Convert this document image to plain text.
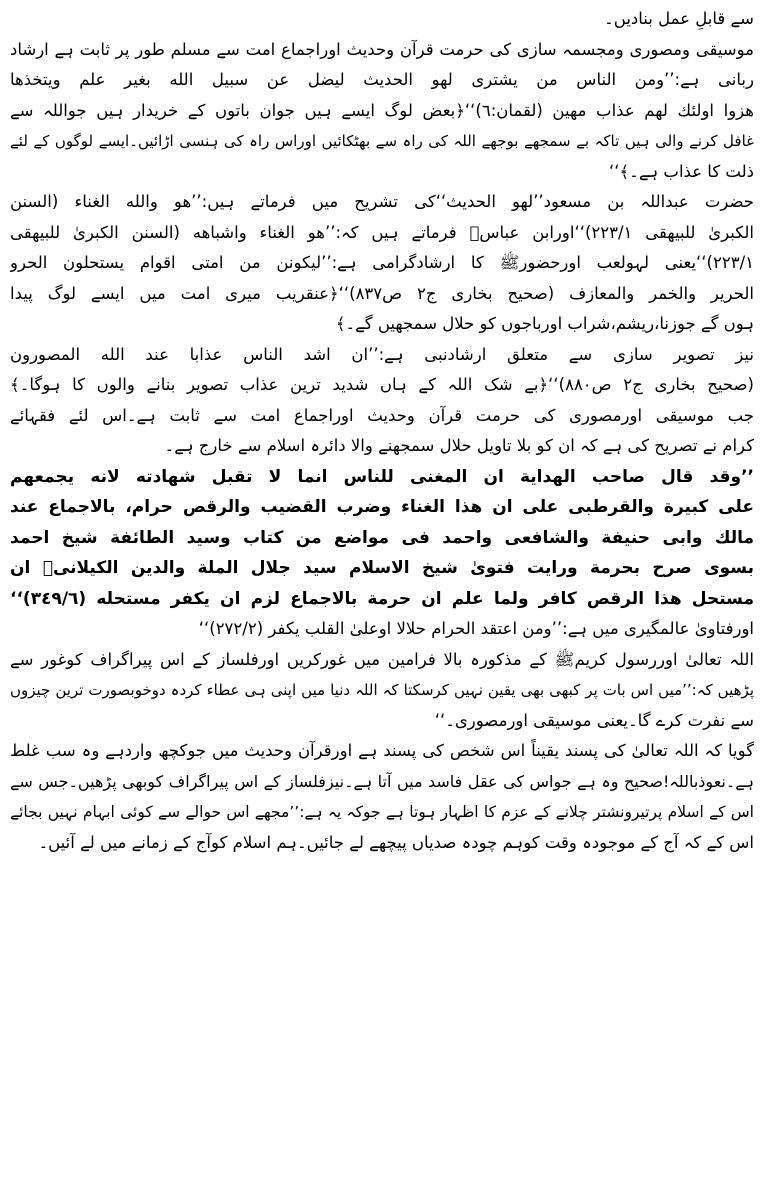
سے قابلِ عمل بنادیں۔
موسیقی ومصوری ومجسمہ سازی کی حرمت قرآن وحدیث اوراجماع امت سے مسلم طور پر ثابت ہے ارشاد
ربانی ہے:’’ومن الناس من يشترى لهو الحديث ليضل عن سبيل الله بغير علم ويتخذها
هزوا اولئك لهم عذاب مهين (لقمان:٦)‘‘﴿بعض لوگ ایسے ہیں جوان باتوں کے خریدار ہیں جواللہ سے
غافل کرنے والی ہیں تاکہ بے سمجھے بوجھے اللہ کی راہ سے بھٹکائیں اوراس راہ کی ہنسی اڑائیں۔ایسے لوگوں کے لئے
ذلت کا عذاب ہے۔﴾‘‘
حضرت عبداللہ بن مسعود’’لهو الحديث‘‘کی تشریح میں فرماتے ہیں:’’هو والله الغناء (السنن
الكبرىٰ للبيهقى ٢٢٣/١)‘‘اورابن عباسؓ فرماتے ہیں کہ:’’هو الغناء واشباهه (السنن الكبرىٰ للبيهقى
٢٢٣/١)‘‘یعنی لہولعب اورحضورﷺ کا ارشادگرامی ہے:’’ليكونن من امتى اقوام يستحلون الحرو
الحرير والخمر والمعازف (صحيح بخارى ج٢ ص٨٣٧)‘‘﴿عنقریب میری امت میں ایسے لوگ پیدا
ہوں گے جوزنا،ریشم،شراب اورباجوں کو حلال سمجھیں گے۔﴾
نیز تصویر سازی سے متعلق ارشادنبی ہے:’’ان اشد الناس عذابا عند الله المصورون
(صحيح بخارى ج٢ ص٨٨٠)‘‘﴿بے شک اللہ کے ہاں شدید ترین عذاب تصویر بنانے والوں کا ہوگا۔﴾
جب موسیقی اورمصوری کی حرمت قرآن وحدیث اوراجماع امت سے ثابت ہے۔اس لئے فقہائے
کرام نے تصریح کی ہے کہ ان کو بلا تاویل حلال سمجھنے والا دائرہ اسلام سے خارج ہے۔
’’وقد قال صاحب الهداية ان المغنى للناس انما لا تقبل شهادته لانه يجمعهم
على كبيرة والقرطبى على ان هذا الغناء وضرب القضيب والرقص حرام، بالاجماع عند
مالك وابى حنيفة والشافعى واحمد فى مواضع من كتاب وسيد الطائفة شيخ احمد
بسوى صرح بحرمة ورايت فتوىٰ شيخ الاسلام سيد جلال الملة والدين الكيلانىؒ ان
مستحل هذا الرقص كافر ولما علم ان حرمة بالاجماع لزم ان يكفر مستحله (٣٤٩/٦)‘‘
اورفتاویٰ عالمگیری میں ہے:’’ومن اعتقد الحرام حلالا اوعلىٰ القلب يكفر (٢٧٢/٢)‘‘
اللہ تعالیٰ اوررسول کریمﷺ کے مذکورہ بالا فرامین میں غورکریں اورفلساز کے اس پیراگراف کوغور سے
پڑھیں کہ:’’میں اس بات پر کبھی بھی یقین نہیں کرسکتا کہ اللہ دنیا میں اپنی ہی عطاء کردہ دوخوبصورت ترین چیزوں
سے نفرت کرے گا۔یعنی موسیقی اورمصوری۔‘‘
گویا کہ اللہ تعالیٰ کی پسند یقیناً اس شخص کی پسند ہے اورقرآن وحدیث میں جوکچھ واردہے وہ سب غلط
ہے۔نعوذباللہ!صحیح وہ ہے جواس کی عقل فاسد میں آتا ہے۔نیزفلساز کے اس پیراگراف کوبھی پڑھیں۔جس سے
اس کے اسلام پرتیرونشتر چلانے کے عزم کا اظہار ہوتا ہے جوکہ یہ ہے:’’مجھے اس حوالے سے کوئی ابہام نہیں بجائے
اس کے کہ آج کے موجودہ وقت کوہم چودہ صدیاں پیچھے لے جائیں۔ہم اسلام کوآج کے زمانے میں لے آئیں۔
